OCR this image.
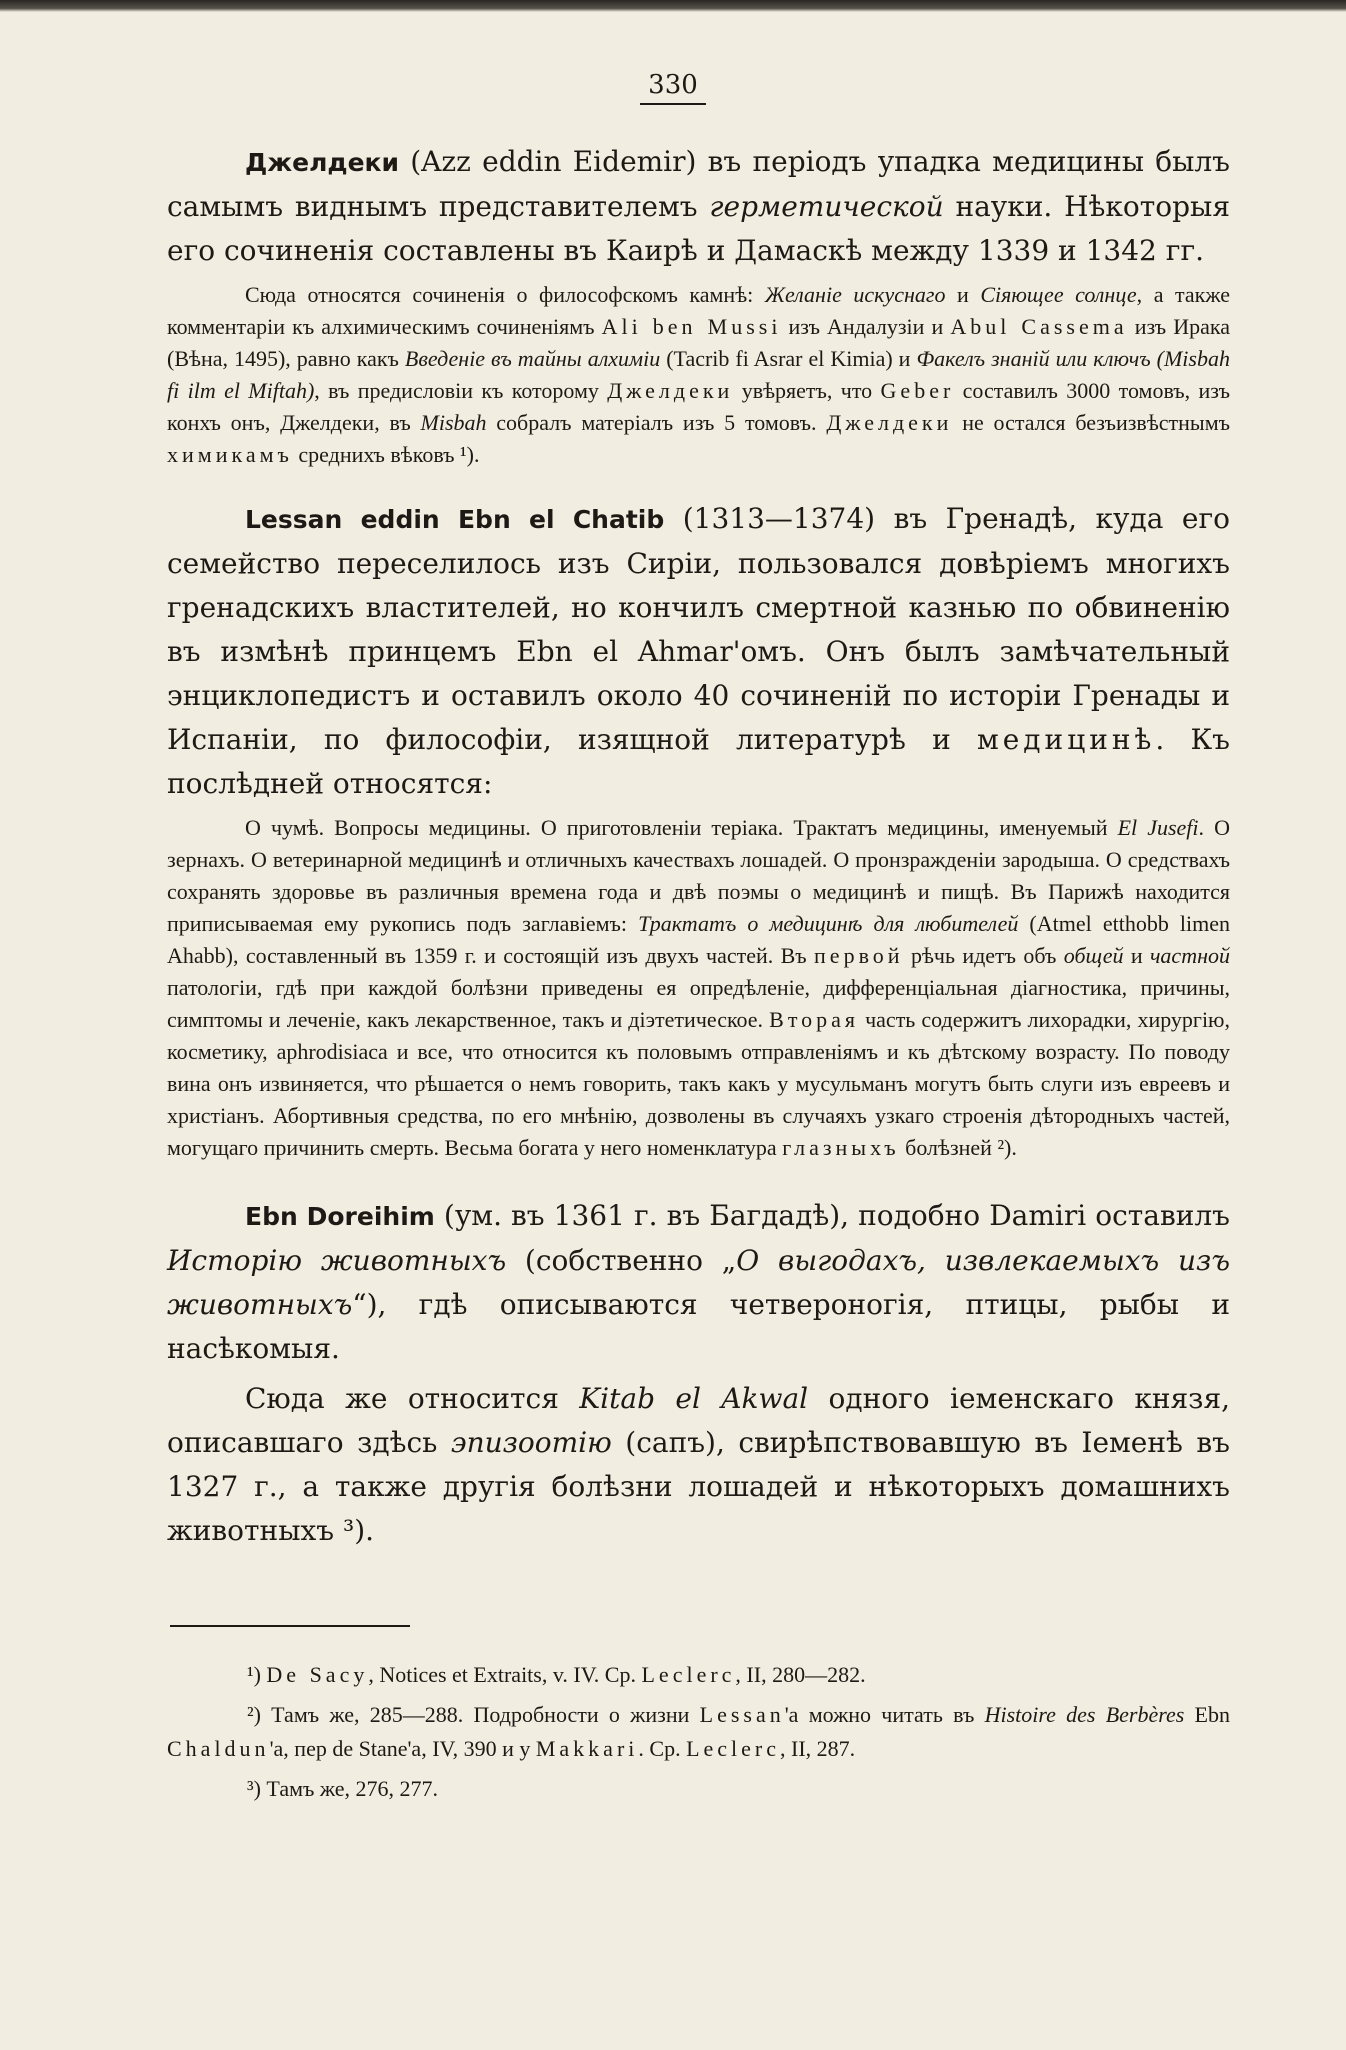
330

Джелдеки (Azz eddin Eidemir) въ періодъ упадка медицины былъ самымъ виднымъ представителемъ герметической науки. Нѣкоторыя его сочиненія составлены въ Каирѣ и Дамаскѣ между 1339 и 1342 гг.

Сюда относятся сочиненія о философскомъ камнѣ: Желаніе искуснаго и Сіяющее солнце, а также комментаріи къ алхимическимъ сочиненіямъ Ali ben Mussi изъ Андалузіи и Abul Cassema изъ Ирака (Вѣна, 1495), равно какъ Введеніе въ тайны алхиміи (Tacrib fi Asrar el Kimia) и Факелъ знаній или ключъ (Misbah fi ilm el Miftah), въ предисловіи къ которому Джелдеки увѣряетъ, что Geber составилъ 3000 томовъ, изъ конхъ онъ, Джелдеки, въ Misbah собралъ матеріалъ изъ 5 томовъ. Джелдеки не остался безъизвѣстнымъ химикамъ среднихъ вѣковъ ¹).

Lessan eddin Ebn el Chatib (1313—1374) въ Гренадѣ, куда его семейство переселилось изъ Сиріи, пользовался довѣріемъ многихъ гренадскихъ властителей, но кончилъ смертной казнью по обвиненію въ измѣнѣ принцемъ Ebn el Ahmar'омъ. Онъ былъ замѣчательный энциклопедистъ и оставилъ около 40 сочиненій по исторіи Гренады и Испаніи, по философіи, изящной литературѣ и медицинѣ. Къ послѣдней относятся:

О чумѣ. Вопросы медицины. О приготовленіи теріака. Трактатъ медицины, именуемый El Jusefi. О зернахъ. О ветеринарной медицинѣ и отличныхъ качествахъ лошадей. О пронзражденіи зародыша. О средствахъ сохранять здоровье въ различныя времена года и двѣ поэмы о медицинѣ и пищѣ. Въ Парижѣ находится приписываемая ему рукопись подъ заглавіемъ: Трактатъ о медицинѣ для любителей (Atmel etthobb limen Ahabb), составленный въ 1359 г. и состоящій изъ двухъ частей. Въ первой рѣчь идетъ объ общей и частной патологіи, гдѣ при каждой болѣзни приведены ея опредѣленіе, дифференціальная діагностика, причины, симптомы и леченіе, какъ лекарственное, такъ и діэтетическое. Вторая часть содержитъ лихорадки, хирургію, косметику, aphrodisiaca и все, что относится къ половымъ отправленіямъ и къ дѣтскому возрасту. По поводу вина онъ извиняется, что рѣшается о немъ говорить, такъ какъ у мусульманъ могутъ быть слуги изъ евреевъ и христіанъ. Абортивныя средства, по его мнѣнію, дозволены въ случаяхъ узкаго строенія дѣтородныхъ частей, могущаго причинить смерть. Весьма богата у него номенклатура глазныхъ болѣзней ²).

Ebn Doreihim (ум. въ 1361 г. въ Багдадѣ), подобно Damiri оставилъ Исторію животныхъ (собственно „О выгодахъ, извлекаемыхъ изъ животныхъ“), гдѣ описываются четвероногія, птицы, рыбы и насѣкомыя.

Сюда же относится Kitab el Akwal одного іеменскаго князя, описавшаго здѣсь эпизоотію (сапъ), свирѣпствовавшую въ Іеменѣ въ 1327 г., а также другія болѣзни лошадей и нѣкоторыхъ домашнихъ животныхъ ³).

¹) De Sacy, Notices et Extraits, v. IV. Ср. Leclerc, II, 280—282.

²) Тамъ же, 285—288. Подробности о жизни Lessan'а можно читать въ Histoire des Berbères Ebn Chaldun'a, пер de Stane'a, IV, 390 и у Makkari. Ср. Leclerc, II, 287.

³) Тамъ же, 276, 277.
